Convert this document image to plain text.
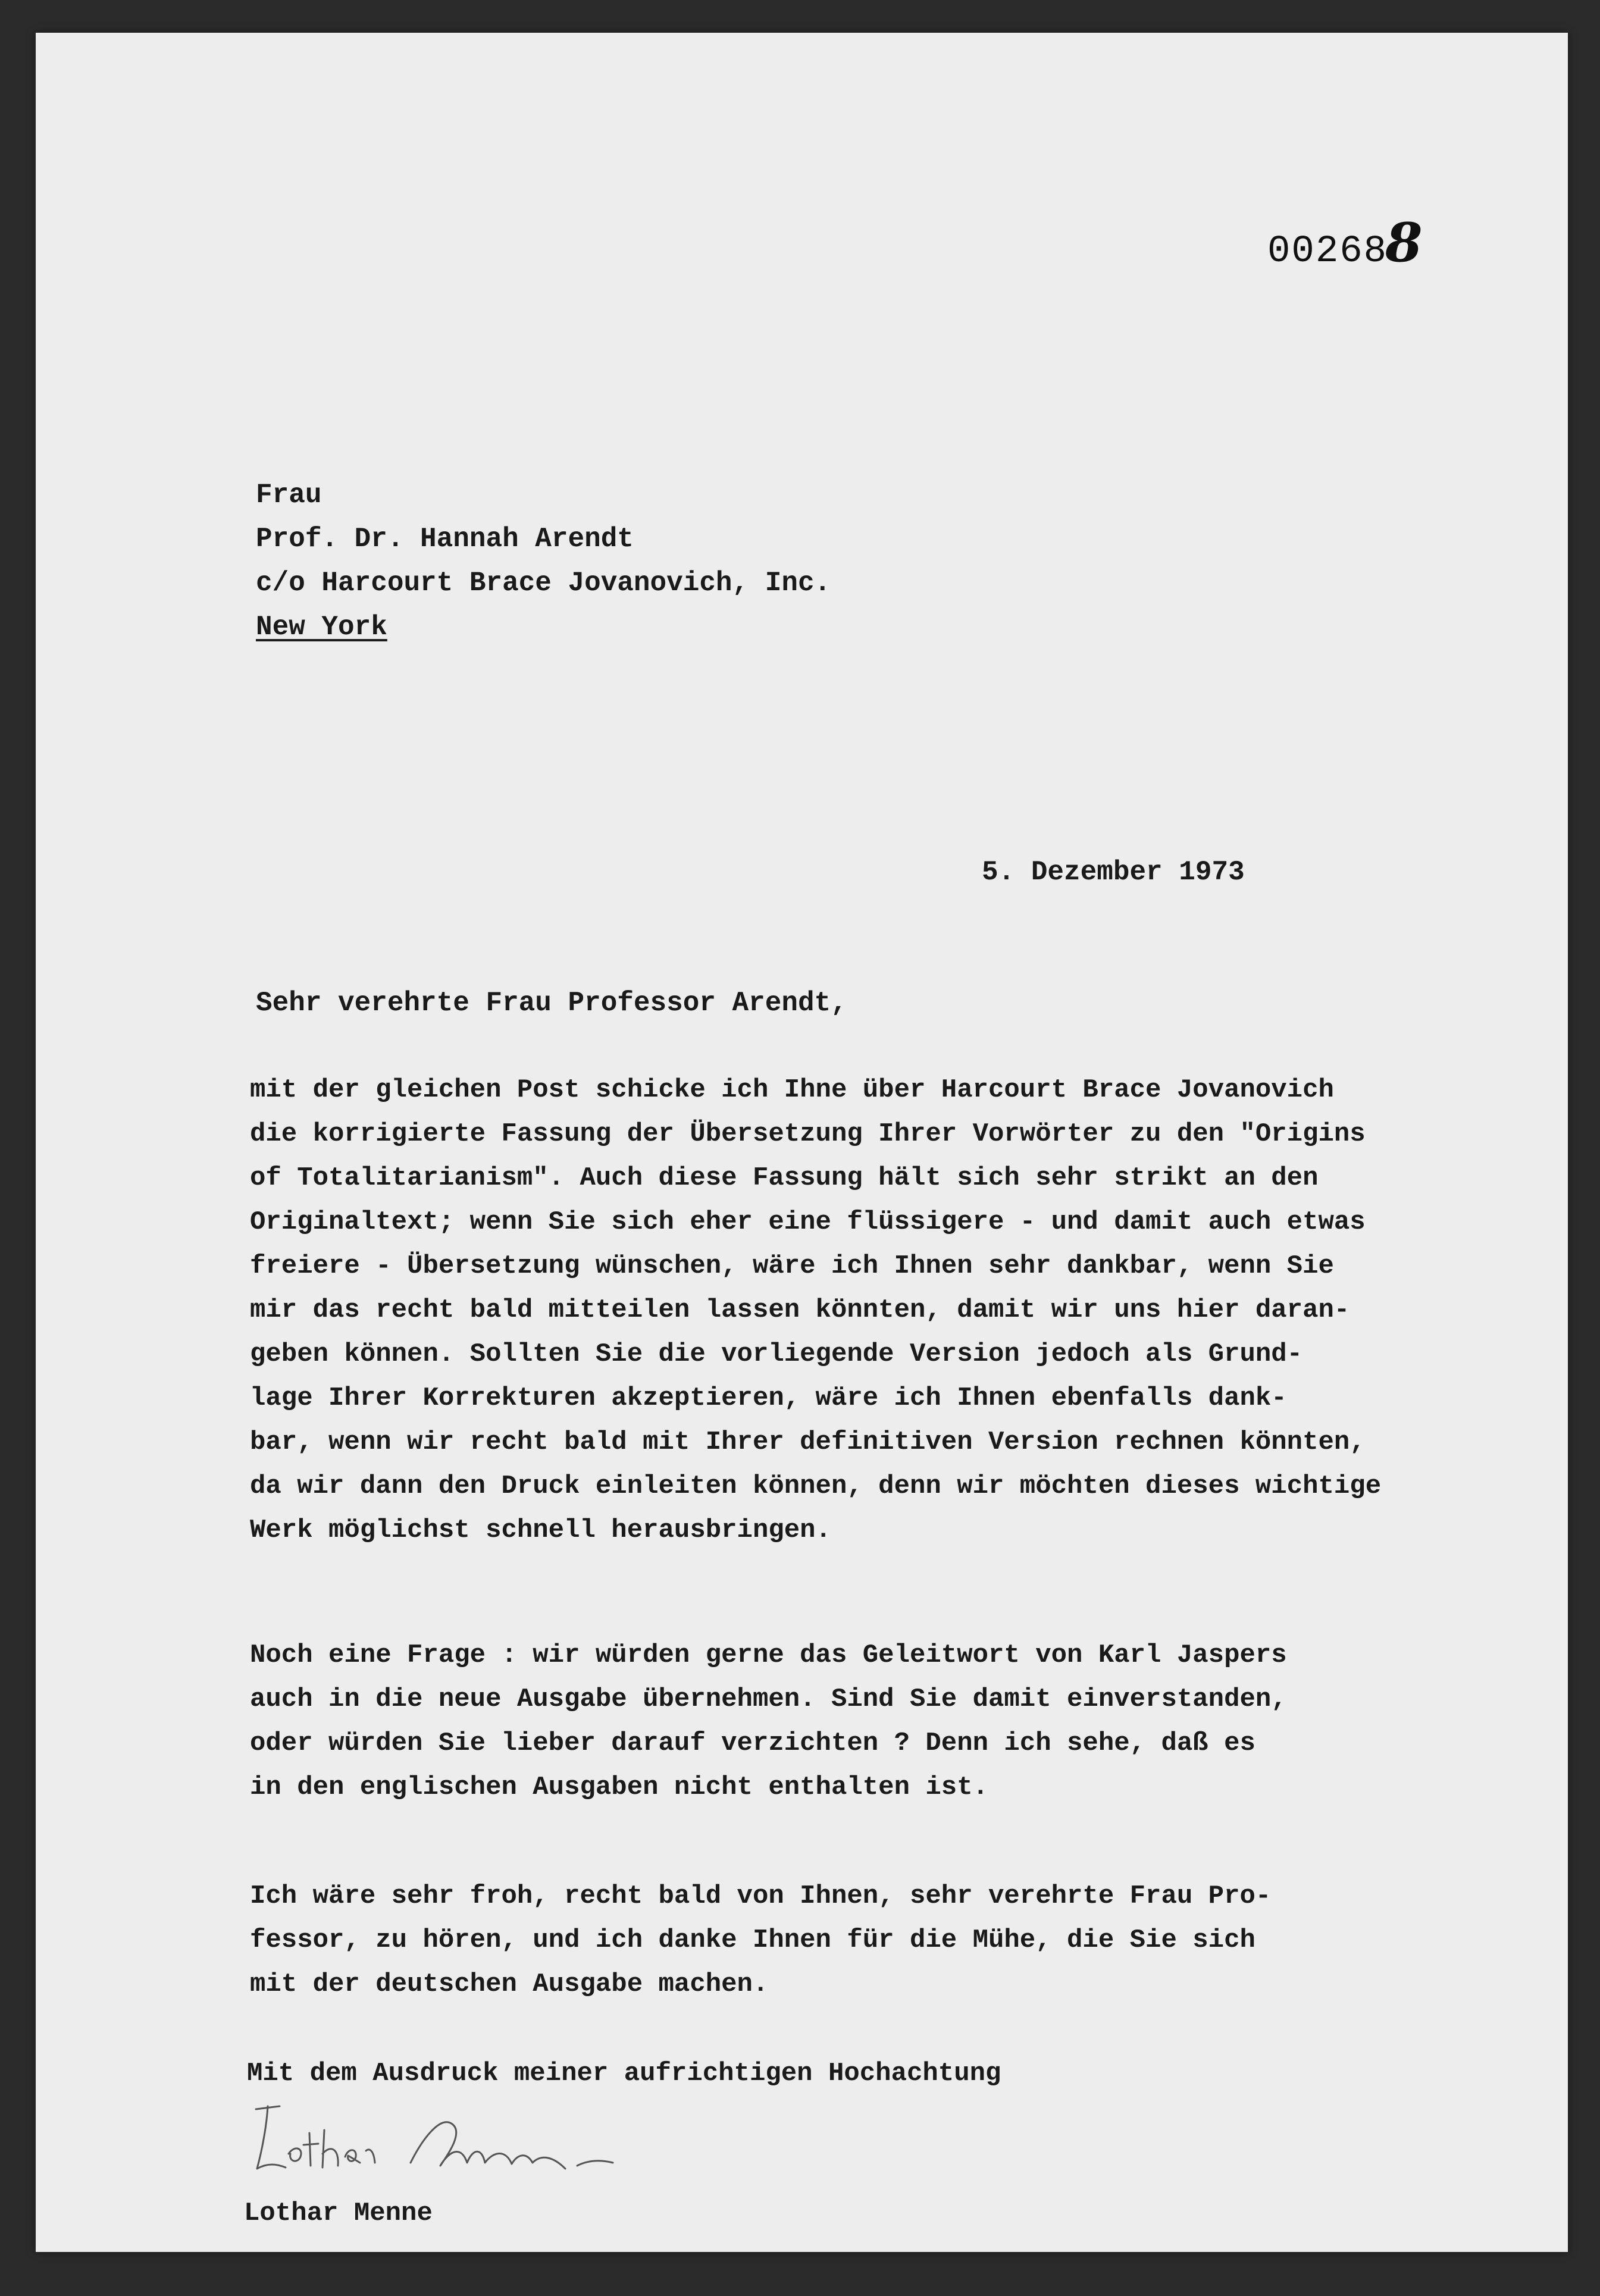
002688
Frau
Prof. Dr. Hannah Arendt
c/o Harcourt Brace Jovanovich, Inc.
New York
5. Dezember 1973
Sehr verehrte Frau Professor Arendt,
mit der gleichen Post schicke ich Ihne über Harcourt Brace Jovanovich
die korrigierte Fassung der Übersetzung Ihrer Vorwörter zu den "Origins
of Totalitarianism". Auch diese Fassung hält sich sehr strikt an den
Originaltext; wenn Sie sich eher eine flüssigere - und damit auch etwas
freiere - Übersetzung wünschen, wäre ich Ihnen sehr dankbar, wenn Sie
mir das recht bald mitteilen lassen könnten, damit wir uns hier daran-
geben können. Sollten Sie die vorliegende Version jedoch als Grund-
lage Ihrer Korrekturen akzeptieren, wäre ich Ihnen ebenfalls dank-
bar, wenn wir recht bald mit Ihrer definitiven Version rechnen könnten,
da wir dann den Druck einleiten können, denn wir möchten dieses wichtige
Werk möglichst schnell herausbringen.
Noch eine Frage : wir würden gerne das Geleitwort von Karl Jaspers
auch in die neue Ausgabe übernehmen. Sind Sie damit einverstanden,
oder würden Sie lieber darauf verzichten ? Denn ich sehe, daß es
in den englischen Ausgaben nicht enthalten ist.
Ich wäre sehr froh, recht bald von Ihnen, sehr verehrte Frau Pro-
fessor, zu hören, und ich danke Ihnen für die Mühe, die Sie sich
mit der deutschen Ausgabe machen.
Mit dem Ausdruck meiner aufrichtigen Hochachtung
Lothar Menne
